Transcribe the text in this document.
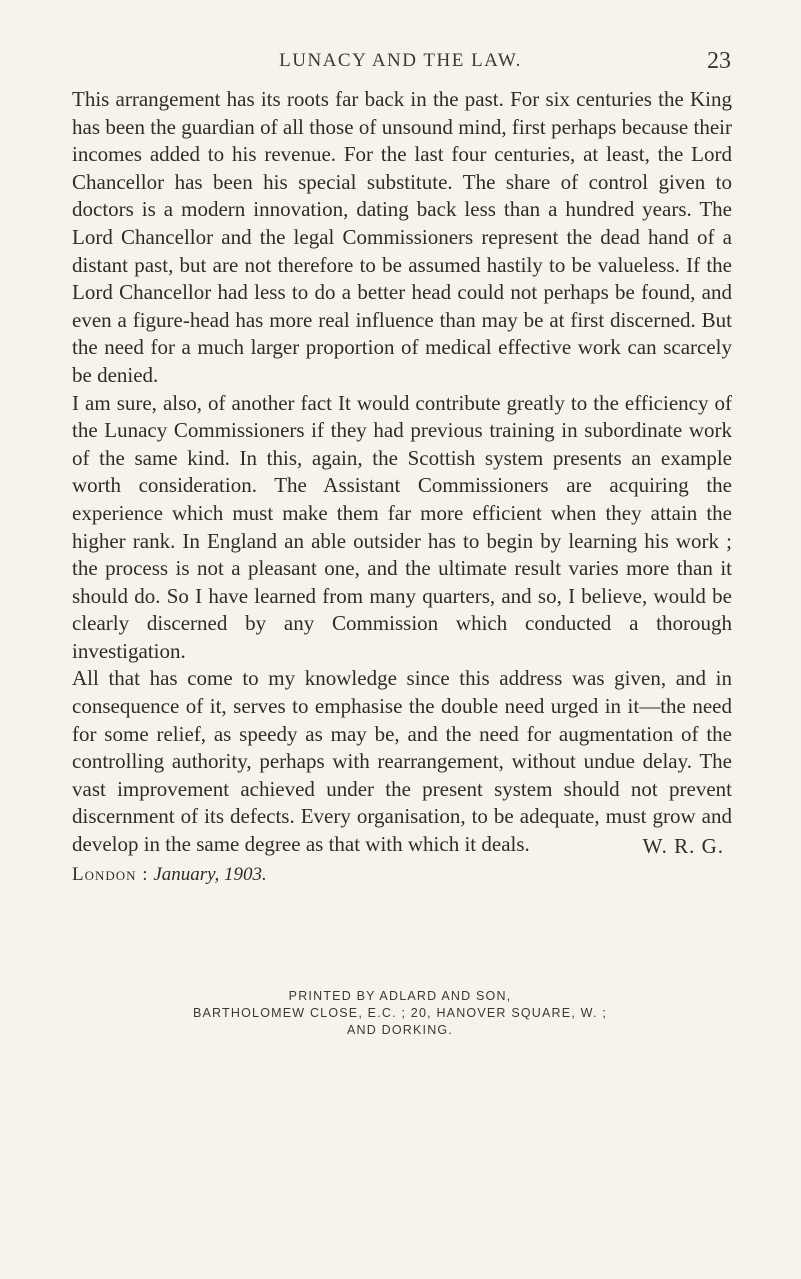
LUNACY AND THE LAW.	23

This arrangement has its roots far back in the past. For six centuries the King has been the guardian of all those of unsound mind, first perhaps because their incomes added to his revenue. For the last four centuries, at least, the Lord Chancellor has been his special substitute. The share of control given to doctors is a modern innovation, dating back less than a hundred years. The Lord Chancellor and the legal Commissioners represent the dead hand of a distant past, but are not therefore to be assumed hastily to be valueless. If the Lord Chancellor had less to do a better head could not perhaps be found, and even a figure-head has more real influence than may be at first discerned. But the need for a much larger proportion of medical effective work can scarcely be denied.

I am sure, also, of another fact It would contribute greatly to the efficiency of the Lunacy Commissioners if they had previous training in subordinate work of the same kind. In this, again, the Scottish system presents an example worth consideration. The Assistant Commissioners are acquiring the experience which must make them far more efficient when they attain the higher rank. In England an able outsider has to begin by learning his work ; the process is not a pleasant one, and the ultimate result varies more than it should do. So I have learned from many quarters, and so, I believe, would be clearly discerned by any Commission which conducted a thorough investigation.

All that has come to my knowledge since this address was given, and in consequence of it, serves to emphasise the double need urged in it—the need for some relief, as speedy as may be, and the need for augmentation of the controlling authority, perhaps with rearrangement, without undue delay. The vast improvement achieved under the present system should not prevent discernment of its defects. Every organisation, to be adequate, must grow and develop in the same degree as that with which it deals.	W. R. G.
London : January, 1903.
PRINTED BY ADLARD AND SON,
BARTHOLOMEW CLOSE, E.C. ; 20, HANOVER SQUARE, W. ;
AND DORKING.
